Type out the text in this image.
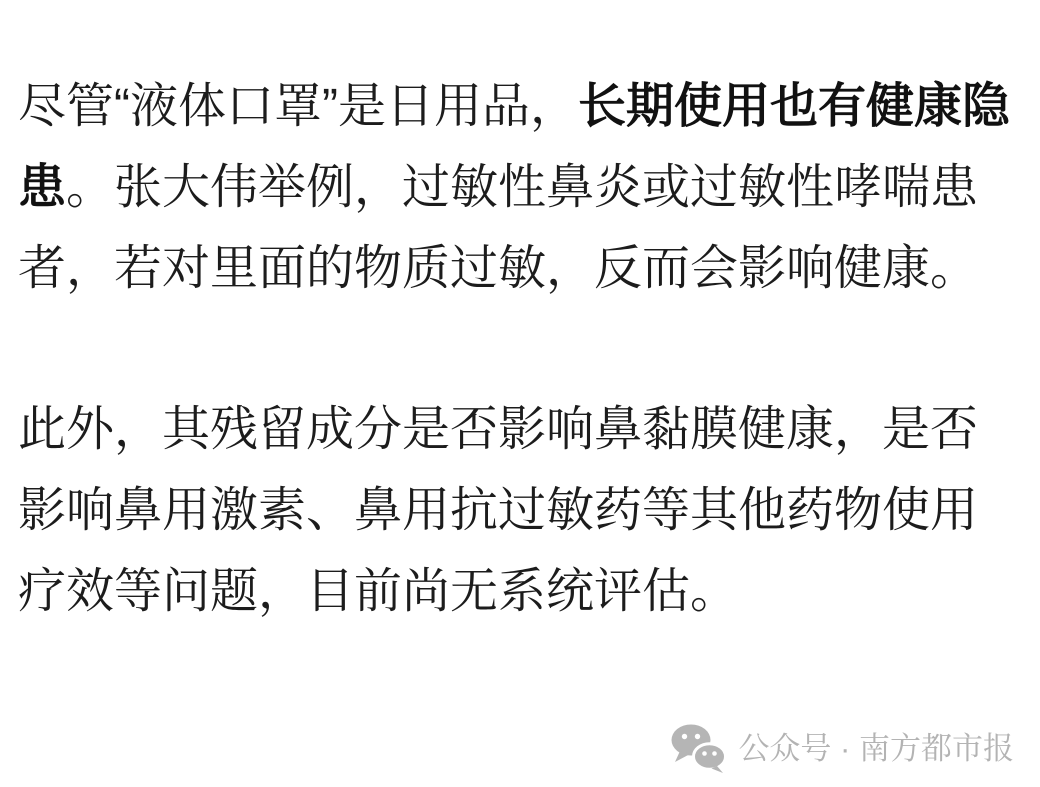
尽管“液体口罩”是日用品，长期使用也有健康隐患。张大伟举例，过敏性鼻炎或过敏性哮喘患者，若对里面的物质过敏，反而会影响健康。

此外，其残留成分是否影响鼻黏膜健康，是否影响鼻用激素、鼻用抗过敏药等其他药物使用疗效等问题，目前尚无系统评估。

公众号 · 南方都市报
